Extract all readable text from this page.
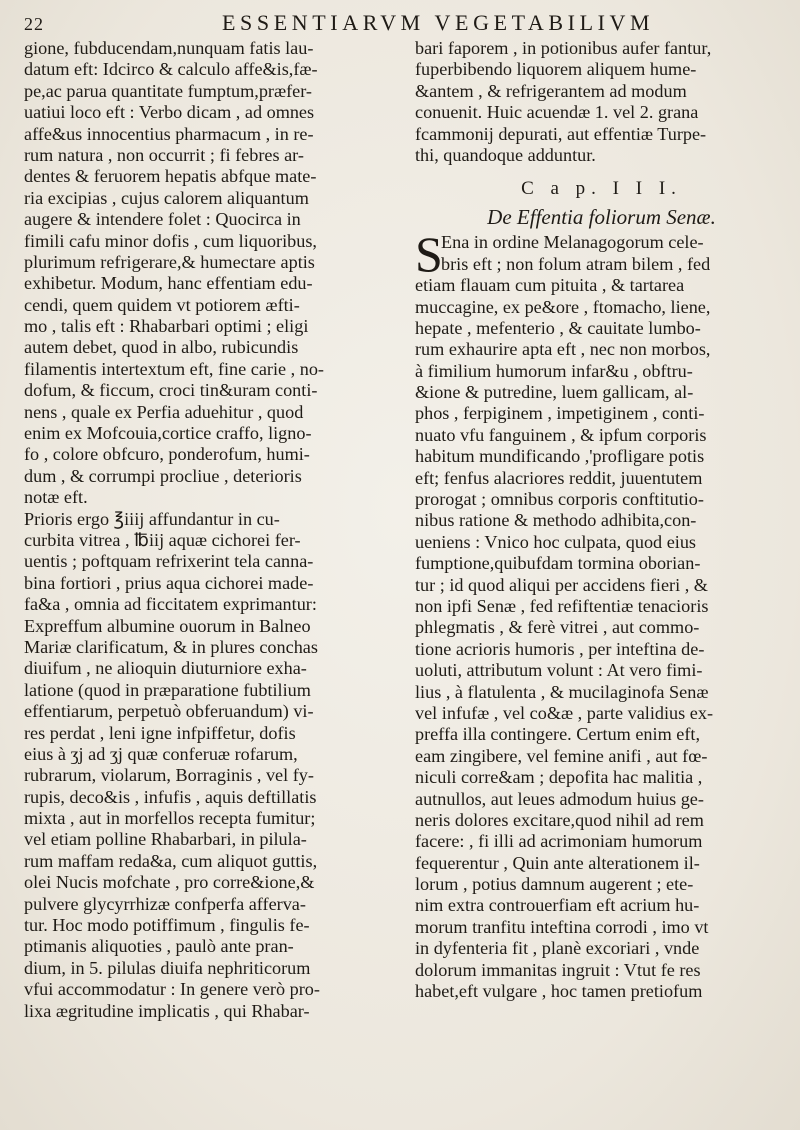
22	ESSENTIARVM VEGETABILIVM
gione, fubducendam,nunquam fatis lau-
datum eft: Idcirco & calculo affe&is,fæ-
pe,ac parua quantitate fumptum,præfer-
uatiui loco eft : Verbo dicam , ad omnes
affe&us innocentius pharmacum , in re-
rum natura , non occurrit ; fi febres ar-
dentes & feruorem hepatis abfque mate-
ria excipias , cujus calorem aliquantum
augere & intendere folet : Quocirca in
fimili cafu minor dofis , cum liquoribus,
plurimum refrigerare,& humectare aptis
exhibetur. Modum, hanc effentiam edu-
cendi, quem quidem vt potiorem æfti-
mo , talis eft : Rhabarbari optimi ; eligi
autem debet, quod in albo, rubicundis
filamentis intertextum eft, fine carie , no-
dofum, & ficcum, croci tin&uram conti-
nens , quale ex Perfia aduehitur , quod
enim ex Mofcouia,cortice craffo, ligno-
fo , colore obfcuro, ponderofum, humi-
dum , & corrumpi procliue , deterioris
notæ eft.
Prioris ergo ℥iiij affundantur in cu-
curbita vitrea , ℔iij aquæ cichorei fer-
uentis ; poftquam refrixerint tela canna-
bina fortiori , prius aqua cichorei made-
fa&a , omnia ad ficcitatem exprimantur:
Expreffum albumine ouorum in Balneo
Mariæ clarificatum, & in plures conchas
diuifum , ne alioquin diuturniore exha-
latione (quod in præparatione fubtilium
effentiarum, perpetuò obferuandum) vi-
res perdat , leni igne infpiffetur, dofis
eius à ʒj ad ʒj quæ conferuæ rofarum,
rubrarum, violarum, Borraginis , vel fy-
rupis, deco&is , infufis , aquis deftillatis
mixta , aut in morfellos recepta fumitur;
vel etiam polline Rhabarbari, in pilula-
rum maffam reda&a, cum aliquot guttis,
olei Nucis mofchate , pro corre&ione,&
pulvere glycyrrhizæ confperfa afferva-
tur. Hoc modo potiffimum , fingulis fe-
ptimanis aliquoties , paulò ante pran-
dium, in 5. pilulas diuifa nephriticorum
vfui accommodatur : In genere verò pro-
lixa ægritudine implicatis , qui Rhabar-
bari faporem , in potionibus aufer fantur,
fuperbibendo liquorem aliquem hume-
&antem , & refrigerantem ad modum
conuenit. Huic acuendæ 1. vel 2. grana
fcammonij depurati, aut effentiæ Turpe-
thi, quandoque adduntur.
C a p. I I I.
De Effentia foliorum Senæ.
S
Ena in ordine Melanagogorum cele-
bris eft ; non folum atram bilem , fed
etiam flauam cum pituita , & tartarea
muccagine, ex pe&ore , ftomacho, liene,
hepate , mefenterio , & cauitate lumbo-
rum exhaurire apta eft , nec non morbos,
à fimilium humorum infar&u , obftru-
&ione & putredine, luem gallicam, al-
phos , ferpiginem , impetiginem , conti-
nuato vfu fanguinem , & ipfum corporis
habitum mundificando ,'profligare potis
eft; fenfus alacriores reddit, juuentutem
prorogat ; omnibus corporis conftitutio-
nibus ratione & methodo adhibita,con-
ueniens : Vnico hoc culpata, quod eius
fumptione,quibufdam tormina oborian-
tur ; id quod aliqui per accidens fieri , &
non ipfi Senæ , fed refiftentiæ tenacioris
phlegmatis , & ferè vitrei , aut commo-
tione acrioris humoris , per inteftina de-
uoluti, attributum volunt : At vero fimi-
lius , à flatulenta , & mucilaginofa Senæ
vel infufæ , vel co&æ , parte validius ex-
preffa illa contingere. Certum enim eft,
eam zingibere, vel femine anifi , aut fœ-
niculi corre&am ; depofita hac malitia ,
autnullos, aut leues admodum huius ge-
neris dolores excitare,quod nihil ad rem
facere: , fi illi ad acrimoniam humorum
fequerentur , Quin ante alterationem il-
lorum , potius damnum augerent ; ete-
nim extra controuerfiam eft acrium hu-
morum tranfitu inteftina corrodi , imo vt
in dyfenteria fit , planè excoriari , vnde
dolorum immanitas ingruit : Vtut fe res
habet,eft vulgare , hoc tamen pretiofum
